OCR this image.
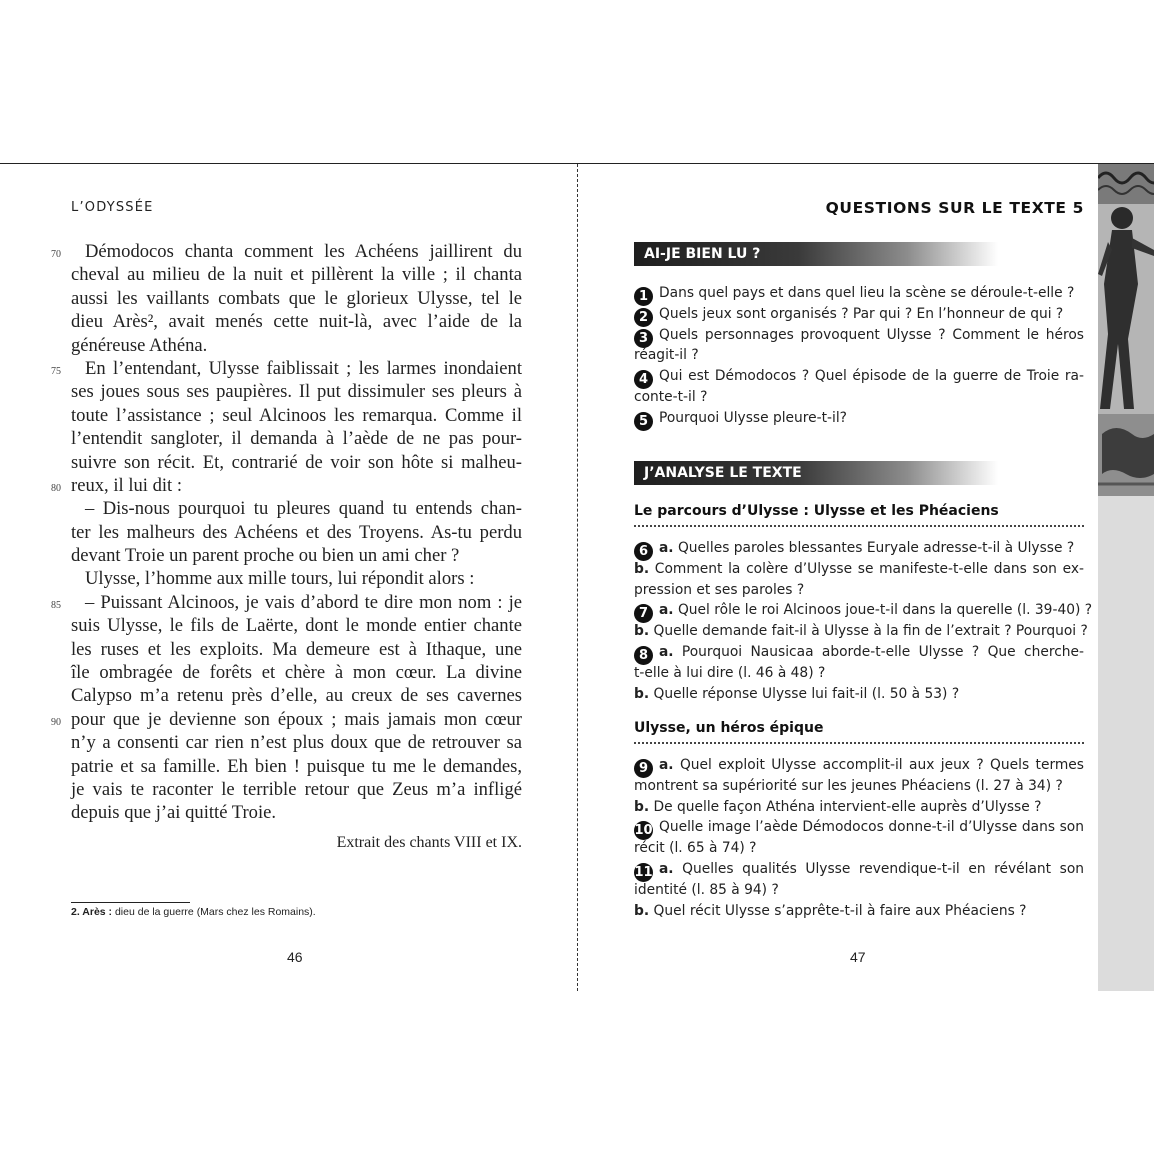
L’ODYSSÉE
70 Démodocos chanta comment les Achéens jaillirent du
cheval au milieu de la nuit et pillèrent la ville ; il chanta
aussi les vaillants combats que le glorieux Ulysse, tel le
dieu Arès², avait menés cette nuit-là, avec l’aide de la
généreuse Athéna.
75 En l’entendant, Ulysse faiblissait ; les larmes inondaient
ses joues sous ses paupières. Il put dissimuler ses pleurs à
toute l’assistance ; seul Alcinoos les remarqua. Comme il
l’entendit sangloter, il demanda à l’aède de ne pas pour-
suivre son récit. Et, contrarié de voir son hôte si malheu-
80 reux, il lui dit :
– Dis-nous pourquoi tu pleures quand tu entends chan-
ter les malheurs des Achéens et des Troyens. As-tu perdu
devant Troie un parent proche ou bien un ami cher ?
Ulysse, l’homme aux mille tours, lui répondit alors :
85 – Puissant Alcinoos, je vais d’abord te dire mon nom : je
suis Ulysse, le fils de Laërte, dont le monde entier chante
les ruses et les exploits. Ma demeure est à Ithaque, une
île ombragée de forêts et chère à mon cœur. La divine
Calypso m’a retenu près d’elle, au creux de ses cavernes
90 pour que je devienne son époux ; mais jamais mon cœur
n’y a consenti car rien n’est plus doux que de retrouver sa
patrie et sa famille. Eh bien ! puisque tu me le demandes,
je vais te raconter le terrible retour que Zeus m’a infligé
depuis que j’ai quitté Troie.
Extrait des chants VIII et IX.
2. Arès : dieu de la guerre (Mars chez les Romains).
46
QUESTIONS SUR LE TEXTE 5
AI-JE BIEN LU ?
1 Dans quel pays et dans quel lieu la scène se déroule-t-elle ?
2 Quels jeux sont organisés ? Par qui ? En l’honneur de qui ?
3 Quels personnages provoquent Ulysse ? Comment le héros
réagit-il ?
4 Qui est Démodocos ? Quel épisode de la guerre de Troie ra-
conte-t-il ?
5 Pourquoi Ulysse pleure-t-il?
J’ANALYSE LE TEXTE
Le parcours d’Ulysse : Ulysse et les Phéaciens
6 a. Quelles paroles blessantes Euryale adresse-t-il à Ulysse ?
b. Comment la colère d’Ulysse se manifeste-t-elle dans son ex-
pression et ses paroles ?
7 a. Quel rôle le roi Alcinoos joue-t-il dans la querelle (l. 39-40) ?
b. Quelle demande fait-il à Ulysse à la fin de l’extrait ? Pourquoi ?
8 a. Pourquoi Nausicaa aborde-t-elle Ulysse ? Que cherche-
t-elle à lui dire (l. 46 à 48) ?
b. Quelle réponse Ulysse lui fait-il (l. 50 à 53) ?
Ulysse, un héros épique
9 a. Quel exploit Ulysse accomplit-il aux jeux ? Quels termes
montrent sa supériorité sur les jeunes Phéaciens (l. 27 à 34) ?
b. De quelle façon Athéna intervient-elle auprès d’Ulysse ?
10 Quelle image l’aède Démodocos donne-t-il d’Ulysse dans son
récit (l. 65 à 74) ?
11 a. Quelles qualités Ulysse revendique-t-il en révélant son
identité (l. 85 à 94) ?
b. Quel récit Ulysse s’apprête-t-il à faire aux Phéaciens ?
47
